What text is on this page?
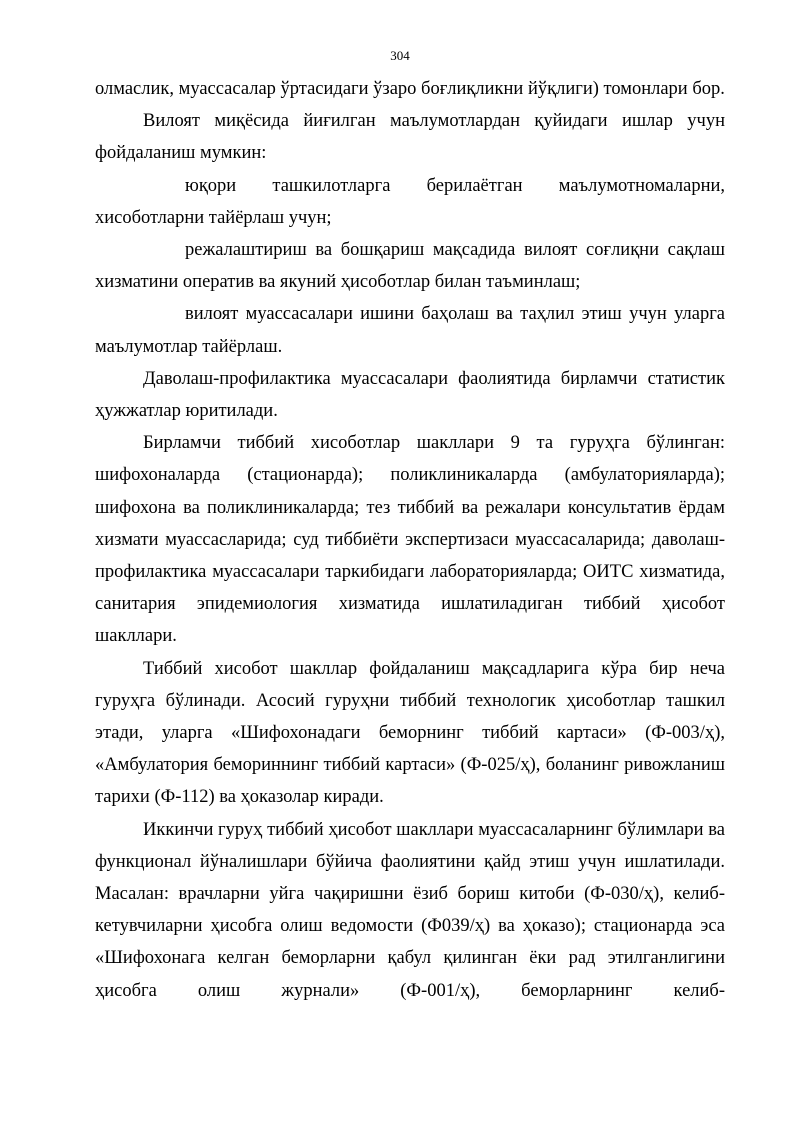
304

олмаслик, муассасалар ўртасидаги ўзаро боғлиқликни йўқлиги) томонлари бор.

Вилоят миқёсида йиғилган маълумотлардан қуйидаги ишлар учун фойдаланиш мумкин:

юқори ташкилотларга берилаётган маълумотномаларни, хисоботларни тайёрлаш учун;

режалаштириш ва бошқариш мақсадида вилоят соғлиқни сақлаш хизматини оператив ва якуний ҳисоботлар билан таъминлаш;

вилоят муассасалари ишини баҳолаш ва таҳлил этиш учун уларга маълумотлар тайёрлаш.

Даволаш-профилактика муассасалари фаолиятида бирламчи статистик ҳужжатлар юритилади.

Бирламчи тиббий хисоботлар шакллари 9 та гуруҳга бўлинган: шифохоналарда (стационарда); поликлиникаларда (амбулаторияларда); шифохона ва поликлиникаларда; тез тиббий ва режалари консультатив ёрдам хизмати муассасларида; суд тиббиёти экспертизаси муассасаларида; даволаш-профилактика муассасалари таркибидаги лабораторияларда; ОИТС хизматида, санитария эпидемиология хизматида ишлатиладиган тиббий ҳисобот шакллари.

Тиббий хисобот шакллар фойдаланиш мақсадларига кўра бир неча гуруҳга бўлинади. Асосий гуруҳни тиббий технологик ҳисоботлар ташкил этади, уларга «Шифохонадаги беморнинг тиббий картаси» (Ф-003/ҳ), «Амбулатория бемориннинг тиббий картаси» (Ф-025/ҳ), боланинг ривожланиш тарихи (Ф-112) ва ҳоказолар киради.

Иккинчи гуруҳ тиббий ҳисобот шакллари муассасаларнинг бўлимлари ва функционал йўналишлари бўйича фаолиятини қайд этиш учун ишлатилади. Масалан: врачларни уйга чақиришни ёзиб бориш китоби (Ф-030/ҳ), келиб-кетувчиларни ҳисобга олиш ведомости (Ф039/ҳ) ва ҳоказо); стационарда эса «Шифохонага келган беморларни қабул қилинган ёки рад этилганлигини ҳисобга олиш журнали» (Ф-001/ҳ), беморларнинг келиб-
